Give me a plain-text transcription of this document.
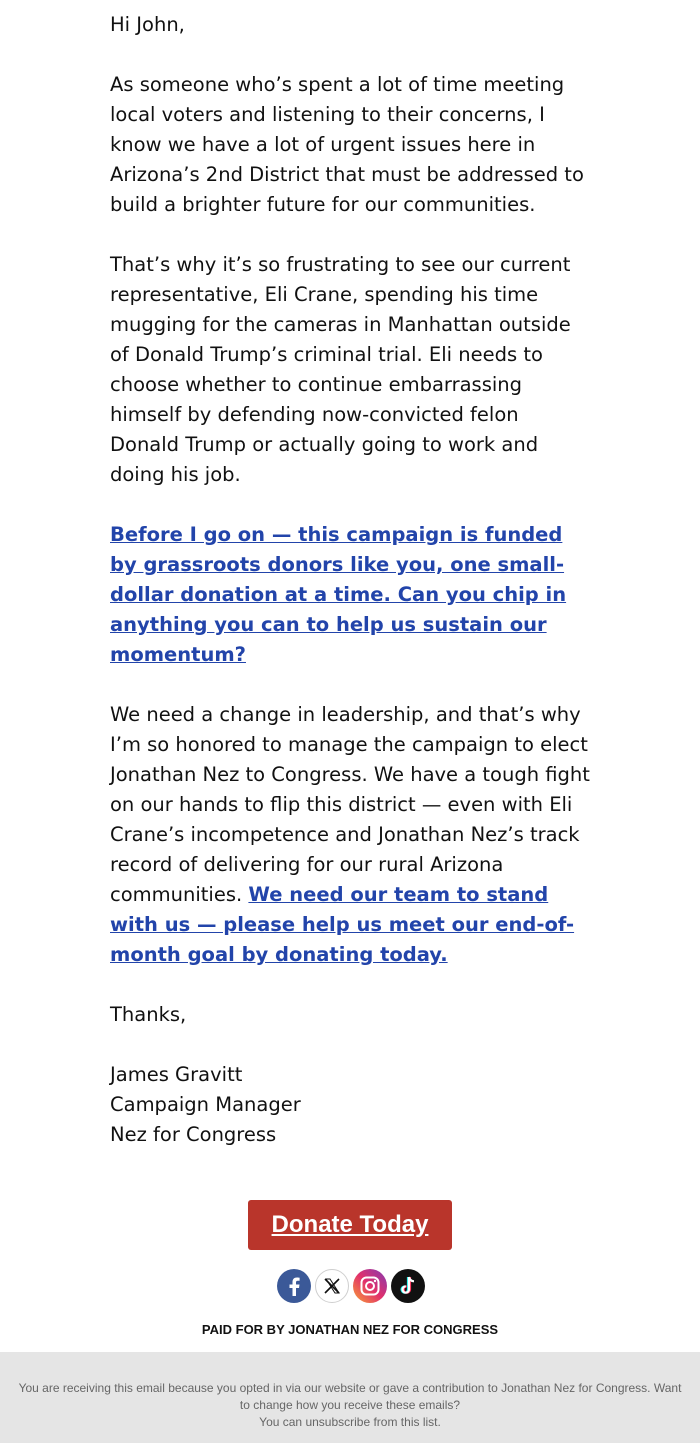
Hi John,

As someone who’s spent a lot of time meeting local voters and listening to their concerns, I know we have a lot of urgent issues here in Arizona’s 2nd District that must be addressed to build a brighter future for our communities.

That’s why it’s so frustrating to see our current representative, Eli Crane, spending his time mugging for the cameras in Manhattan outside of Donald Trump’s criminal trial. Eli needs to choose whether to continue embarrassing himself by defending now-convicted felon Donald Trump or actually going to work and doing his job.

Before I go on — this campaign is funded by grassroots donors like you, one small-dollar donation at a time. Can you chip in anything you can to help us sustain our momentum?

We need a change in leadership, and that’s why I’m so honored to manage the campaign to elect Jonathan Nez to Congress. We have a tough fight on our hands to flip this district — even with Eli Crane’s incompetence and Jonathan Nez’s track record of delivering for our rural Arizona communities. We need our team to stand with us — please help us meet our end-of-month goal by donating today.

Thanks,

James Gravitt
Campaign Manager
Nez for Congress
Donate Today
PAID FOR BY JONATHAN NEZ FOR CONGRESS
You are receiving this email because you opted in via our website or gave a contribution to Jonathan Nez for Congress. Want to change how you receive these emails?
You can unsubscribe from this list.
